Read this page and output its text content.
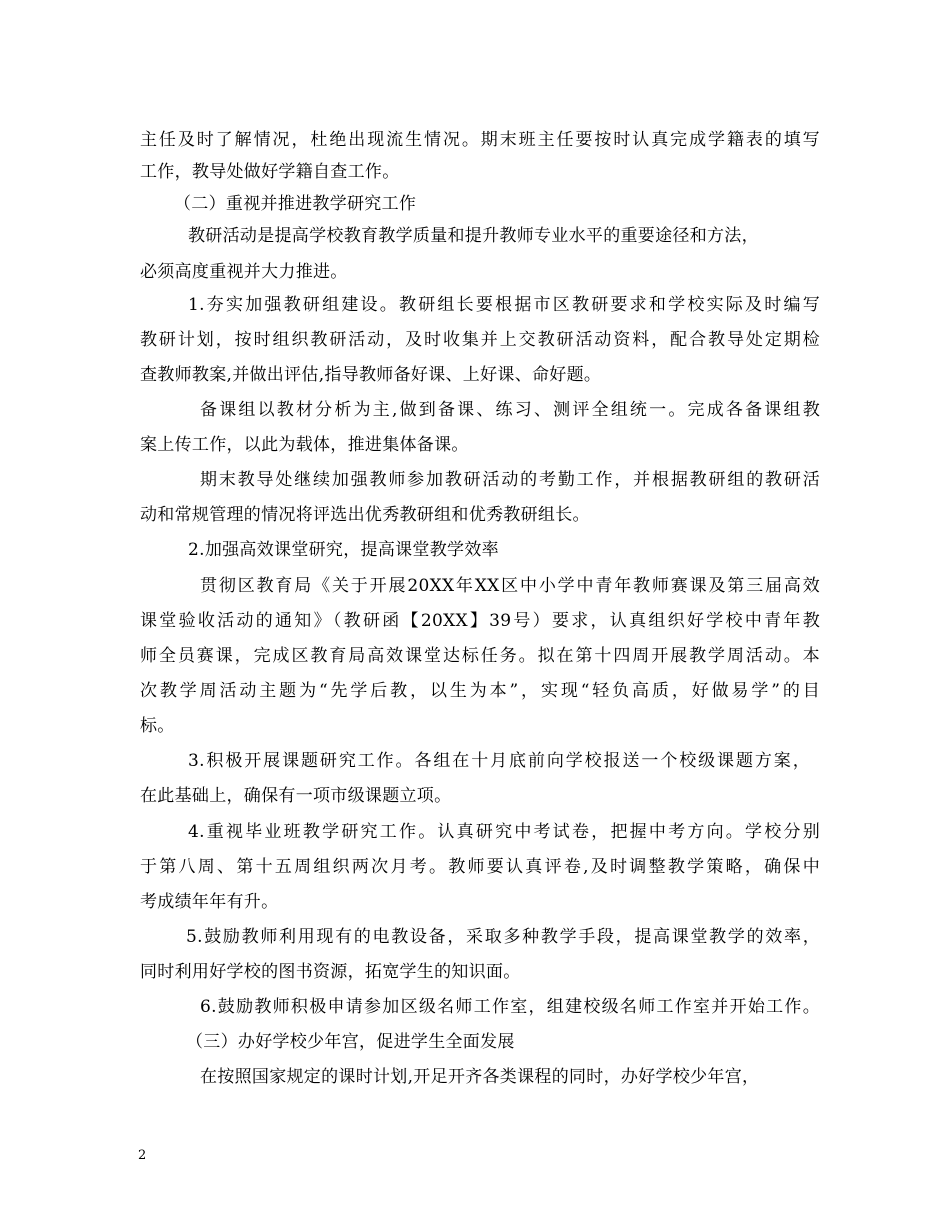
主任及时了解情况，杜绝出现流生情况。期末班主任要按时认真完成学籍表的填写
工作，教导处做好学籍自查工作。
（二）重视并推进教学研究工作
教研活动是提高学校教育教学质量和提升教师专业水平的重要途径和方法，
必须高度重视并大力推进。
1.夯实加强教研组建设。教研组长要根据市区教研要求和学校实际及时编写
教研计划，按时组织教研活动，及时收集并上交教研活动资料，配合教导处定期检
查教师教案,并做出评估,指导教师备好课、上好课、命好题。
备课组以教材分析为主,做到备课、练习、测评全组统一。完成各备课组教
案上传工作，以此为载体，推进集体备课。
期末教导处继续加强教师参加教研活动的考勤工作，并根据教研组的教研活
动和常规管理的情况将评选出优秀教研组和优秀教研组长。
2.加强高效课堂研究，提高课堂教学效率
贯彻区教育局《关于开展20XX年XX区中小学中青年教师赛课及第三届高效
课堂验收活动的通知》（教研函【20XX】39号）要求，认真组织好学校中青年教
师全员赛课，完成区教育局高效课堂达标任务。拟在第十四周开展教学周活动。本
次教学周活动主题为“先学后教，以生为本”，实现“轻负高质，好做易学”的目
标。
3.积极开展课题研究工作。各组在十月底前向学校报送一个校级课题方案，
在此基础上，确保有一项市级课题立项。
4.重视毕业班教学研究工作。认真研究中考试卷，把握中考方向。学校分别
于第八周、第十五周组织两次月考。教师要认真评卷,及时调整教学策略，确保中
考成绩年年有升。
5.鼓励教师利用现有的电教设备，采取多种教学手段，提高课堂教学的效率，
同时利用好学校的图书资源，拓宽学生的知识面。
6.鼓励教师积极申请参加区级名师工作室，组建校级名师工作室并开始工作。
（三）办好学校少年宫，促进学生全面发展
在按照国家规定的课时计划,开足开齐各类课程的同时，办好学校少年宫，
2
